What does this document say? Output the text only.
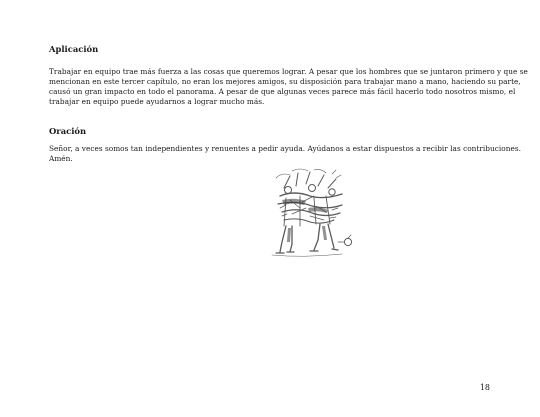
Aplicación

Trabajar en equipo trae más fuerza a las cosas que queremos lograr. A pesar que los hombres que se juntaron primero y que se
mencionan en este tercer capítulo, no eran los mejores amigos, su disposición para trabajar mano a mano, haciendo su parte,
causó un gran impacto en todo el panorama. A pesar de que algunas veces parece más fácil hacerlo todo nosotros mismo, el
trabajar en equipo puede ayudarnos a lograr mucho más.

Oración

Señor, a veces somos tan independientes y renuentes a pedir ayuda. Ayúdanos a estar dispuestos a recibir las contribuciones.
Amén.

18
